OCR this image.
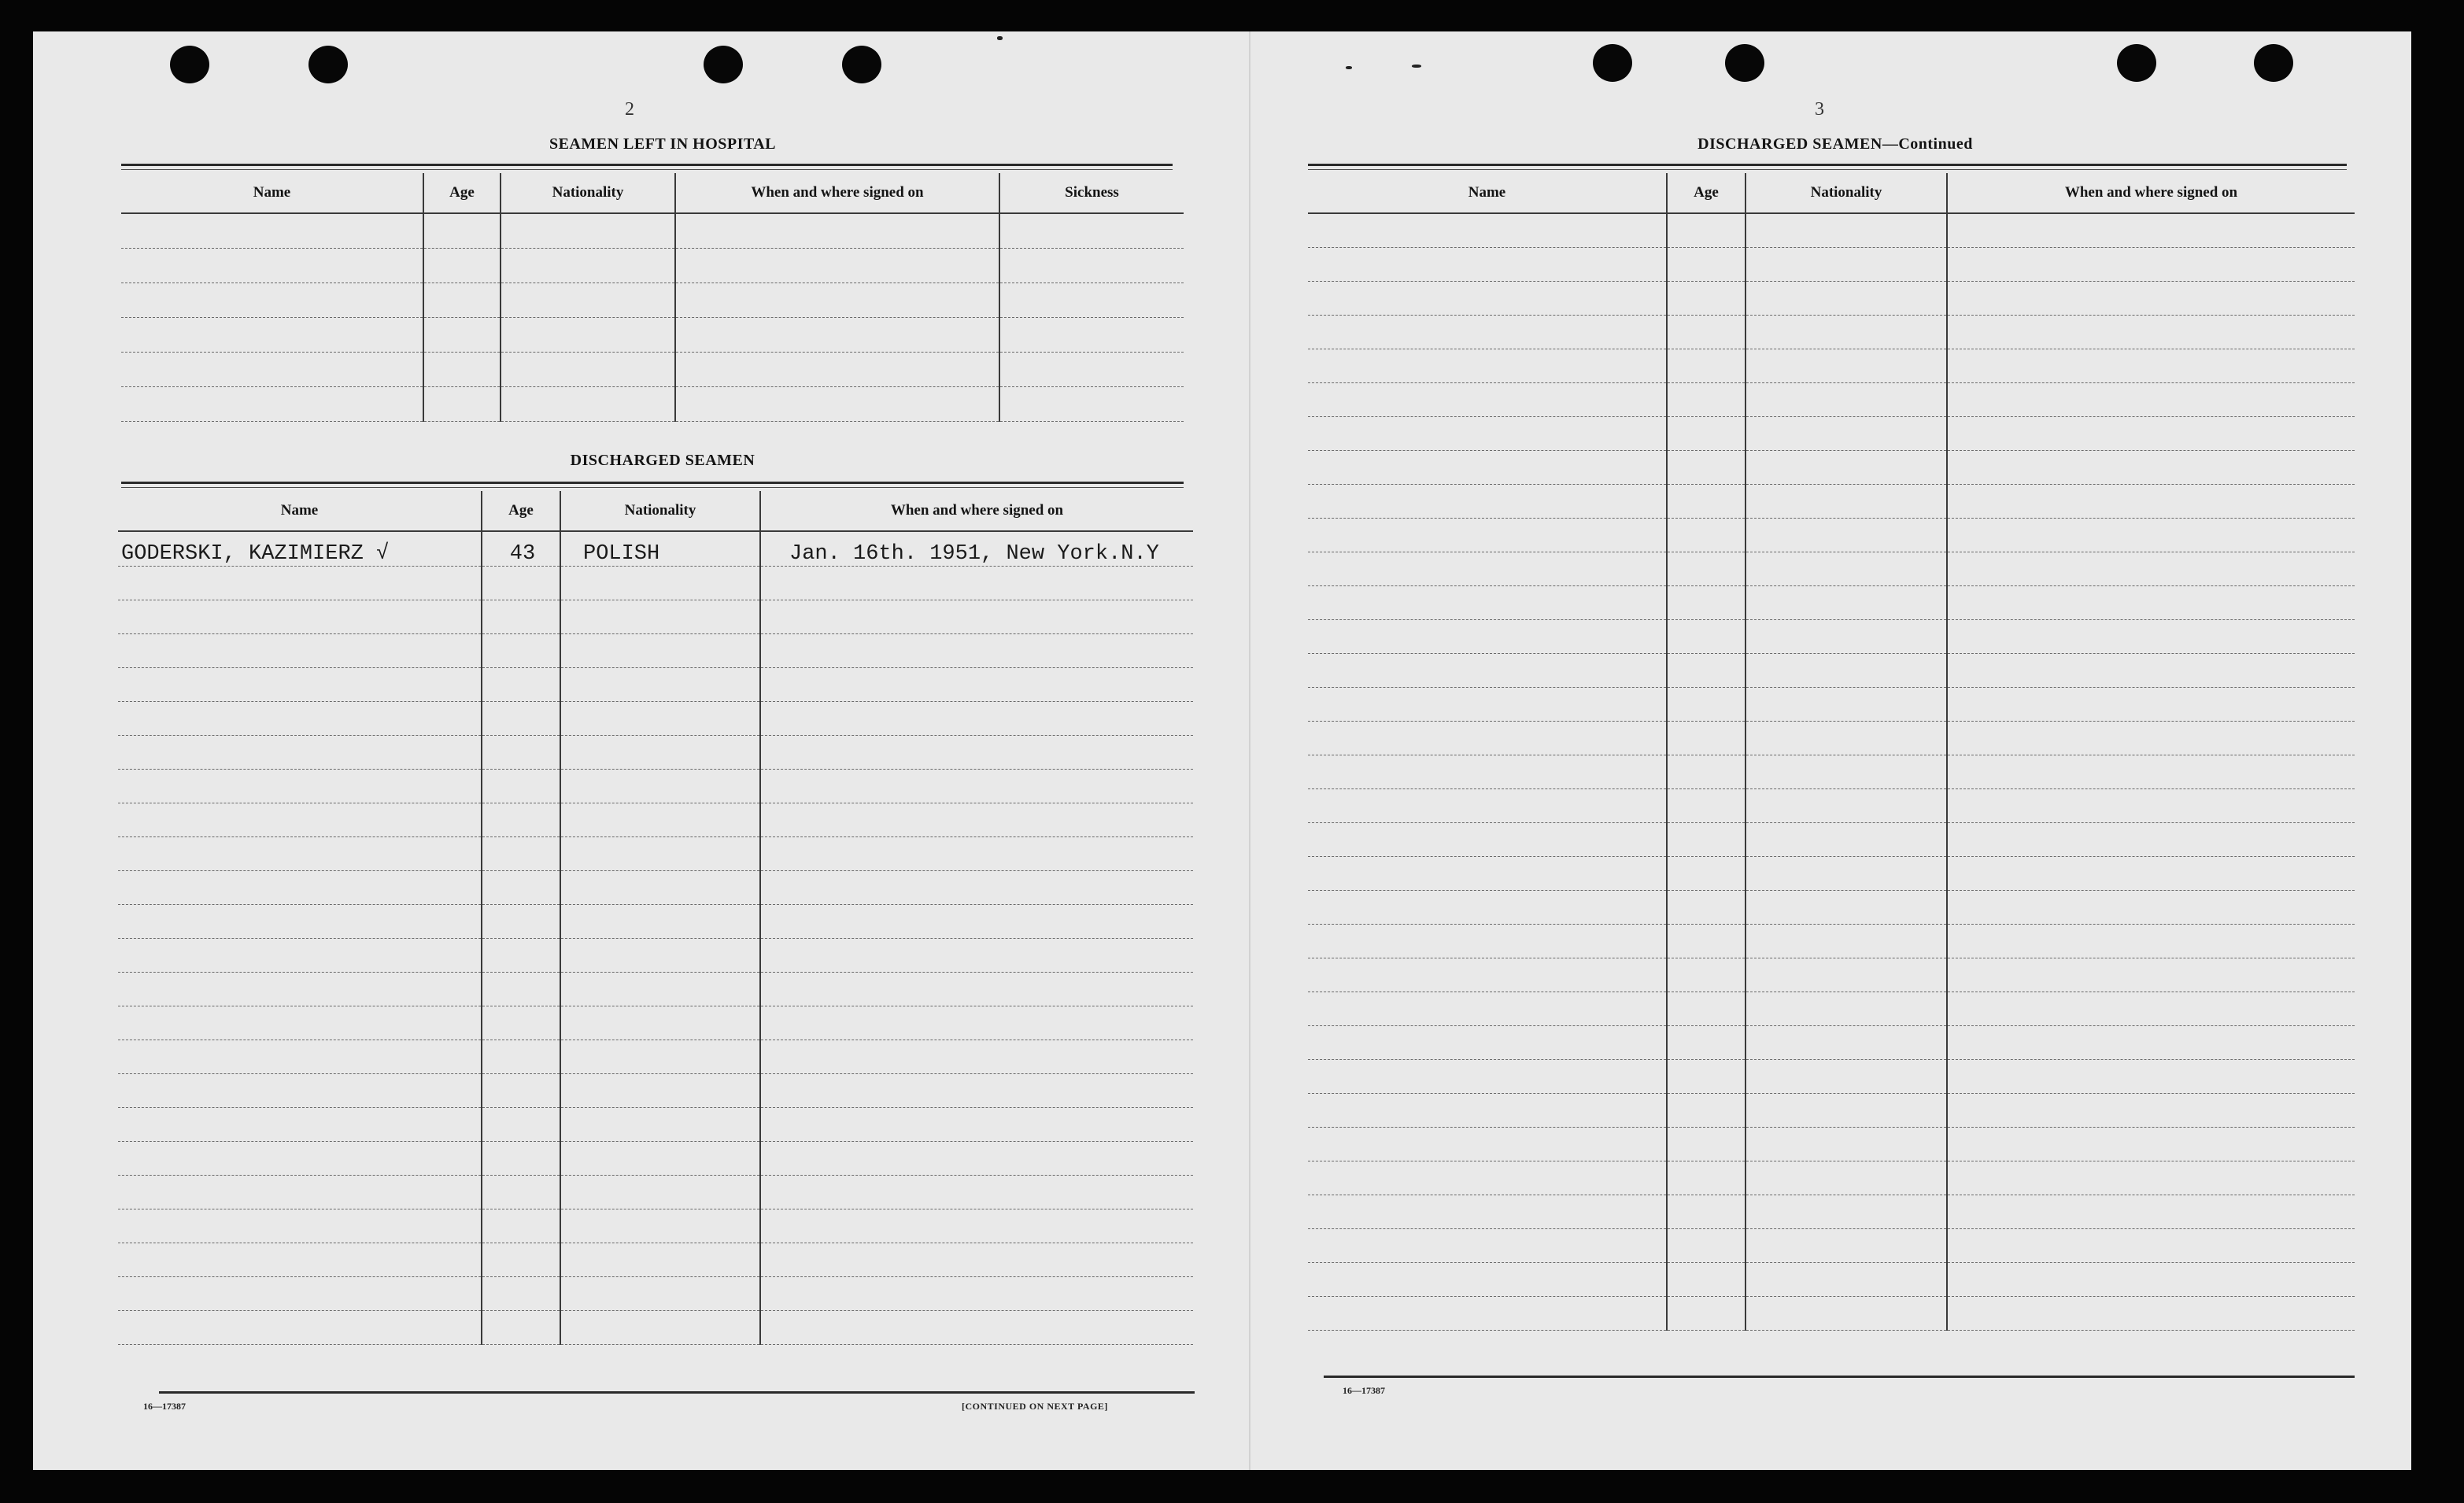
2
SEAMEN LEFT IN HOSPITAL
Name	Age	Nationality	When and where signed on	Sickness

DISCHARGED SEAMEN
Name	Age	Nationality	When and where signed on
GODERSKI, KAZIMIERZ √	43	POLISH	Jan. 16th. 1951, New York.N.Y

16—17387	[CONTINUED ON NEXT PAGE]
3
DISCHARGED SEAMEN—Continued
Name	Age	Nationality	When and where signed on

16—17387
